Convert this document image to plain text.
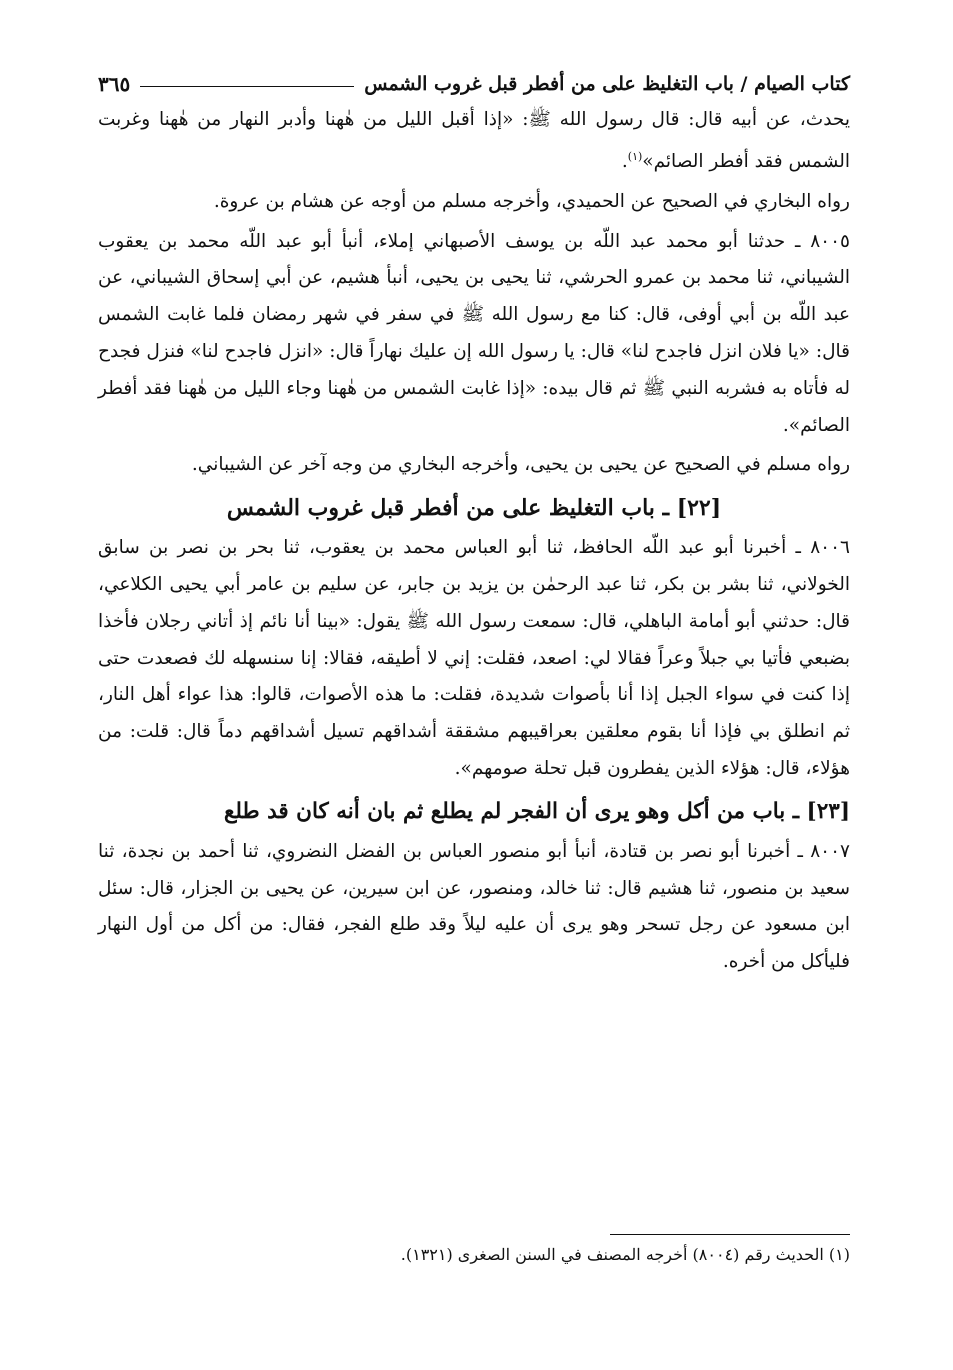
كتاب الصيام / باب التغليظ على من أفطر قبل غروب الشمس
٣٦٥

يحدث، عن أبيه قال: قال رسول الله ﷺ: «إذا أقبل الليل من هٰهنا وأدبر النهار من هٰهنا وغربت الشمس فقد أفطر الصائم»$^{(١)}$.

رواه البخاري في الصحيح عن الحميدي، وأخرجه مسلم من أوجه عن هشام بن عروة.

٨٠٠٥ ـ حدثنا أبو محمد عبد اللّه بن يوسف الأصبهاني إملاء، أنبأ أبو عبد اللّه محمد بن يعقوب الشيباني، ثنا محمد بن عمرو الحرشي، ثنا يحيى بن يحيى، أنبأ هشيم، عن أبي إسحاق الشيباني، عن عبد اللّه بن أبي أوفى، قال: كنا مع رسول الله ﷺ في سفر في شهر رمضان فلما غابت الشمس قال: «يا فلان انزل فاجدح لنا» قال: يا رسول الله إن عليك نهاراً قال: «انزل فاجدح لنا» فنزل فجدح له فأتاه به فشربه النبي ﷺ ثم قال بيده: «إذا غابت الشمس من هٰهنا وجاء الليل من هٰهنا فقد أفطر الصائم».

رواه مسلم في الصحيح عن يحيى بن يحيى، وأخرجه البخاري من وجه آخر عن الشيباني.

[٢٢] ـ باب التغليظ على من أفطر قبل غروب الشمس

٨٠٠٦ ـ أخبرنا أبو عبد اللّه الحافظ، ثنا أبو العباس محمد بن يعقوب، ثنا بحر بن نصر بن سابق الخولاني، ثنا بشر بن بكر، ثنا عبد الرحمٰن بن يزيد بن جابر، عن سليم بن عامر أبي يحيى الكلاعي، قال: حدثني أبو أمامة الباهلي، قال: سمعت رسول الله ﷺ يقول: «بينا أنا نائم إذ أتاني رجلان فأخذا بضبعي فأتيا بي جبلاً وعراً فقالا لي: اصعد، فقلت: إني لا أطيقه، فقالا: إنا سنسهله لك فصعدت حتى إذا كنت في سواء الجبل إذا أنا بأصوات شديدة، فقلت: ما هذه الأصوات، قالوا: هذا عواء أهل النار، ثم انطلق بي فإذا أنا بقوم معلقين بعراقيبهم مشققة أشداقهم تسيل أشداقهم دماً قال: قلت: من هؤلاء، قال: هؤلاء الذين يفطرون قبل تحلة صومهم».

[٢٣] ـ باب من أكل وهو يرى أن الفجر لم يطلع ثم بان أنه كان قد طلع

٨٠٠٧ ـ أخبرنا أبو نصر بن قتادة، أنبأ أبو منصور العباس بن الفضل النضروي، ثنا أحمد بن نجدة، ثنا سعيد بن منصور، ثنا هشيم قال: ثنا خالد، ومنصور، عن ابن سيرين، عن يحيى بن الجزار، قال: سئل ابن مسعود عن رجل تسحر وهو يرى أن عليه ليلاً وقد طلع الفجر، فقال: من أكل من أول النهار فليأكل من أخره.

(١) الحديث رقم (٨٠٠٤) أخرجه المصنف في السنن الصغرى (١٣٢١).
